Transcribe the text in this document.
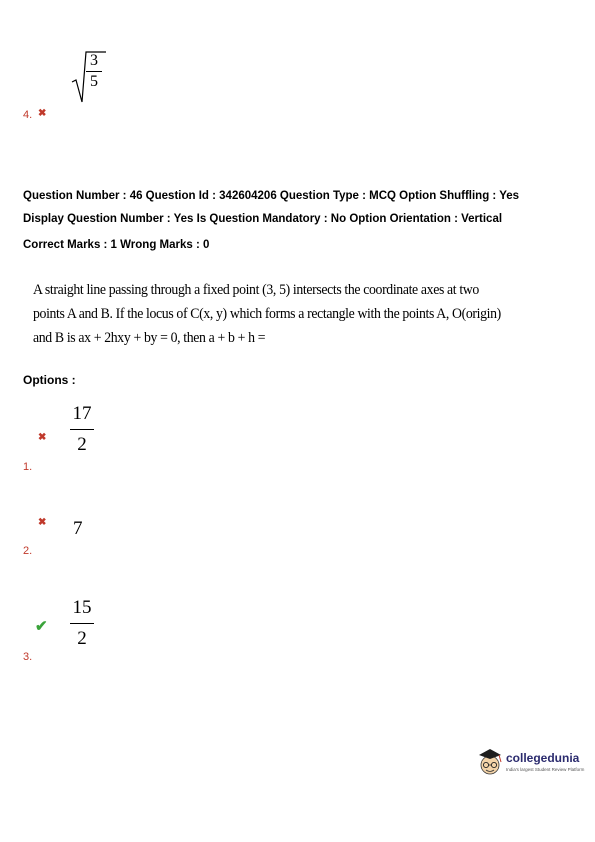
3
5
4. ✖
Question Number : 46 Question Id : 342604206 Question Type : MCQ Option Shuffling : Yes
Display Question Number : Yes Is Question Mandatory : No Option Orientation : Vertical
Correct Marks : 1 Wrong Marks : 0
A straight line passing through a fixed point (3, 5) intersects the coordinate axes at two
points A and B. If the locus of C(x, y) which forms a rectangle with the points A, O(origin)
and B is ax + 2hxy + by = 0, then a + b + h =
Options :
✖
17
2
1.
✖ 7
2.
✔
15
2
3.
collegedunia
India's largest Student Review Platform
